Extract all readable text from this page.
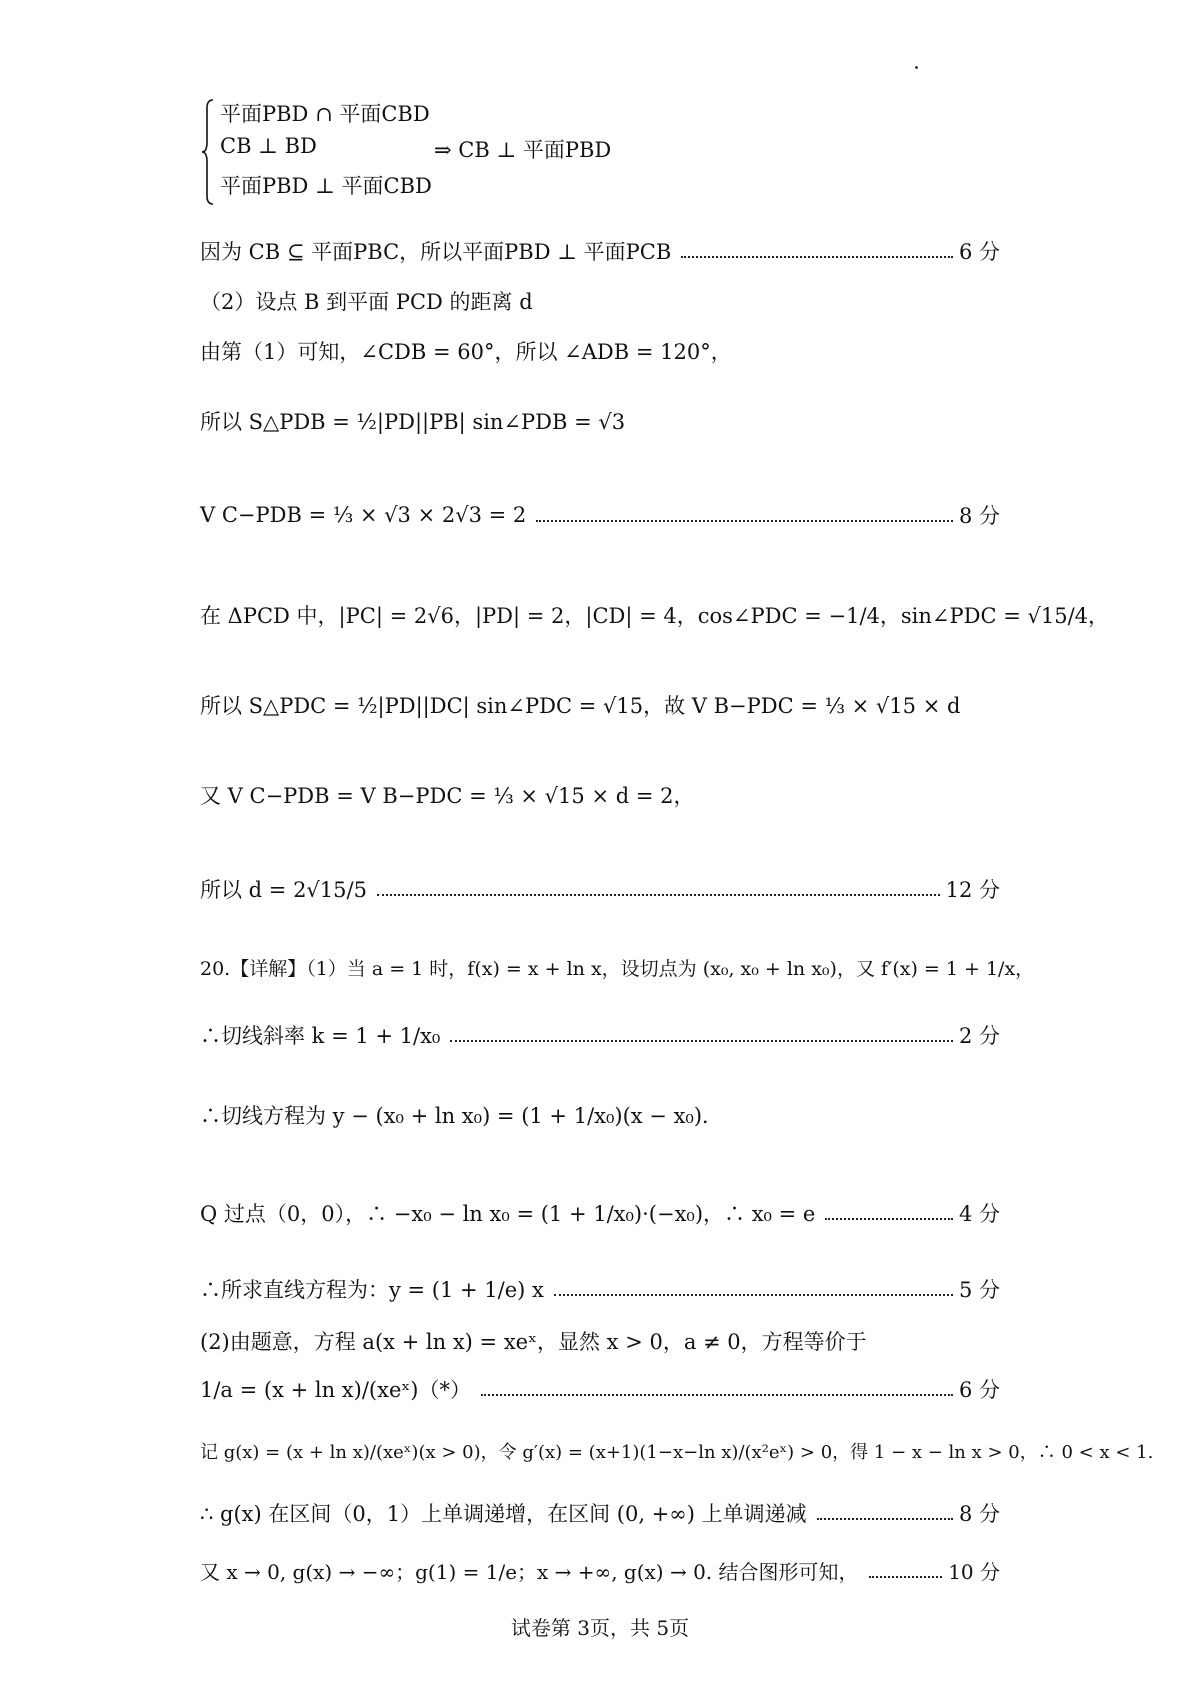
平面PBD ∩ 平面CBD
CB ⊥ BD
平面PBD ⊥ 平面CBD
⇒ CB ⊥ 平面PBD
因为 CB ⊆ 平面PBC，所以平面PBD ⊥ 平面PCB	6 分
（2）设点 B 到平面 PCD 的距离 d
由第（1）可知，∠CDB = 60°，所以 ∠ADB = 120°，
所以 S△PDB = ½|PD||PB| sin∠PDB = √3
V C−PDB = ⅓ × √3 × 2√3 = 2	8 分
在 ΔPCD 中，|PC| = 2√6，|PD| = 2，|CD| = 4，cos∠PDC = −1/4，sin∠PDC = √15/4，
所以 S△PDC = ½|PD||DC| sin∠PDC = √15，故 V B−PDC = ⅓ × √15 × d
又 V C−PDB = V B−PDC = ⅓ × √15 × d = 2，
所以 d = 2√15/5	12 分
20.【详解】（1）当 a = 1 时，f(x) = x + ln x，设切点为 (x₀, x₀ + ln x₀)，又 f′(x) = 1 + 1/x，
∴切线斜率 k = 1 + 1/x₀	2 分
∴切线方程为 y − (x₀ + ln x₀) = (1 + 1/x₀)(x − x₀)．
Q 过点（0，0），∴ −x₀ − ln x₀ = (1 + 1/x₀)·(−x₀)，∴ x₀ = e	4 分
∴所求直线方程为：y = (1 + 1/e) x	5 分
(2)由题意，方程 a(x + ln x) = xeˣ，显然 x > 0，a ≠ 0，方程等价于
1/a = (x + ln x)/(xeˣ)（*）	6 分
记 g(x) = (x + ln x)/(xeˣ)(x > 0)，令 g′(x) = (x+1)(1−x−ln x)/(x²eˣ) > 0，得 1 − x − ln x > 0，∴ 0 < x < 1.
∴ g(x) 在区间（0，1）上单调递增，在区间 (0, +∞) 上单调递减	8 分
又 x → 0, g(x) → −∞；g(1) = 1/e；x → +∞, g(x) → 0. 结合图形可知，	10 分
试卷第 3页，共 5页
